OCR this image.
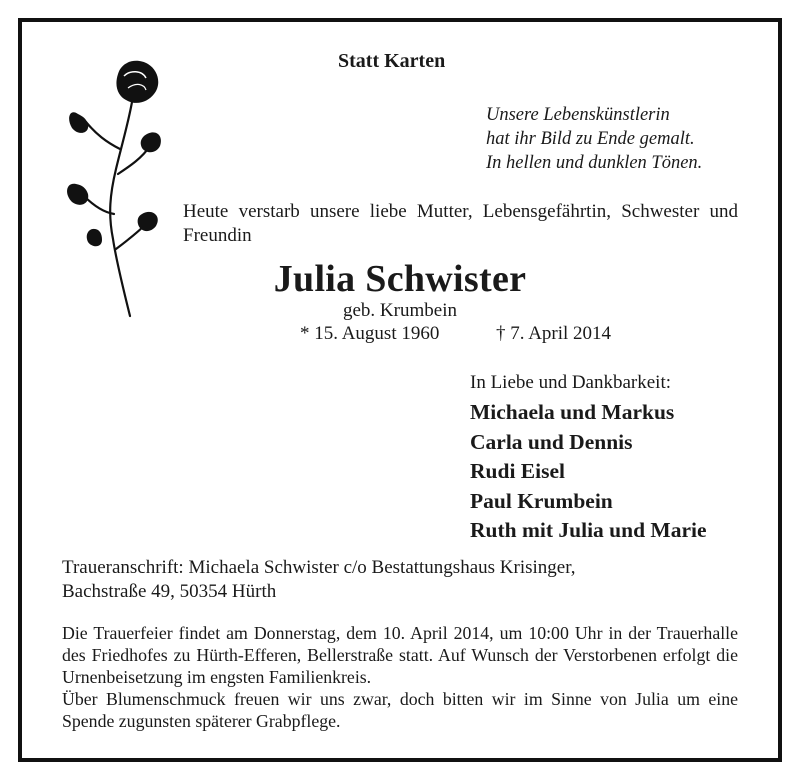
Statt Karten
Unsere Lebenskünstlerin
hat ihr Bild zu Ende gemalt.
In hellen und dunklen Tönen.
Heute verstarb unsere liebe Mutter, Lebensgefährtin, Schwester und Freundin
Julia Schwister
geb. Krumbein
* 15. August 1960	† 7. April 2014
In Liebe und Dankbarkeit:
Michaela und Markus
Carla und Dennis
Rudi Eisel
Paul Krumbein
Ruth mit Julia und Marie
Traueranschrift: Michaela Schwister c/o Bestattungshaus Krisinger,
Bachstraße 49, 50354 Hürth

Die Trauerfeier findet am Donnerstag, dem 10. April 2014, um 10:00 Uhr in der Trauerhalle des Friedhofes zu Hürth-Efferen, Bellerstraße statt. Auf Wunsch der Verstorbenen erfolgt die Urnenbeisetzung im engsten Familienkreis.

Über Blumenschmuck freuen wir uns zwar, doch bitten wir im Sinne von Julia um eine Spende zugunsten späterer Grabpflege.
